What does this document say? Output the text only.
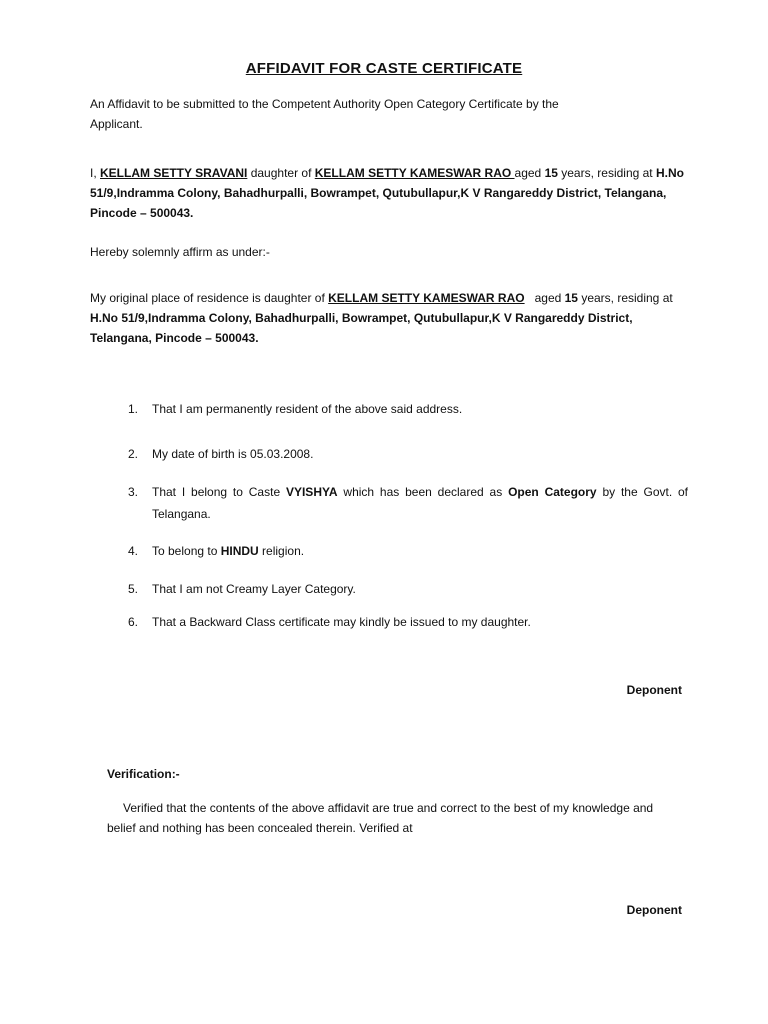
AFFIDAVIT FOR CASTE CERTIFICATE
An Affidavit to be submitted to the Competent Authority Open Category Certificate by the
Applicant.
I, KELLAM SETTY SRAVANI daughter of KELLAM SETTY KAMESWAR RAO aged 15 years, residing at H.No 51/9,Indramma Colony, Bahadhurpalli, Bowrampet, Qutubullapur,K V Rangareddy District, Telangana, Pincode – 500043.
Hereby solemnly affirm as under:-
My original place of residence is daughter of KELLAM SETTY KAMESWAR RAO   aged 15 years, residing at H.No 51/9,Indramma Colony, Bahadhurpalli, Bowrampet, Qutubullapur,K V Rangareddy District, Telangana, Pincode – 500043.
1.	That I am permanently resident of the above said address.
2.	My date of birth is 05.03.2008.
3.	That I belong to Caste VYISHYA which has been declared as Open Category by the Govt. of Telangana.
4.	To belong to HINDU religion.
5.	That I am not Creamy Layer Category.
6.	That a Backward Class certificate may kindly be issued to my daughter.
Deponent
Verification:-
Verified that the contents of the above affidavit are true and correct to the best of my knowledge and belief and nothing has been concealed therein. Verified at
Deponent
